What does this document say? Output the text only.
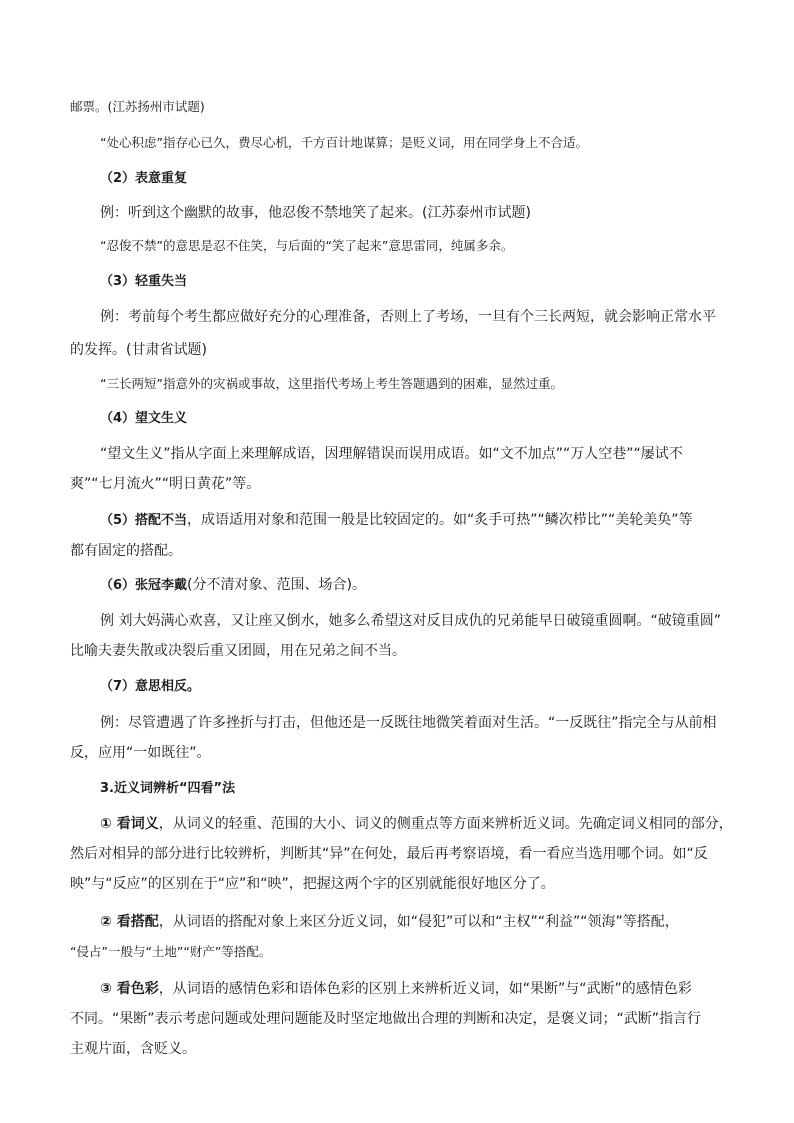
邮票。(江苏扬州市试题)

“处心积虑”指存心已久，费尽心机，千方百计地谋算；是贬义词，用在同学身上不合适。

（2）表意重复

例：听到这个幽默的故事，他忍俊不禁地笑了起来。(江苏泰州市试题)

“忍俊不禁”的意思是忍不住笑，与后面的“笑了起来”意思雷同，纯属多余。

（3）轻重失当

例：考前每个考生都应做好充分的心理准备，否则上了考场，一旦有个三长两短，就会影响正常水平

的发挥。(甘肃省试题)

“三长两短”指意外的灾祸或事故，这里指代考场上考生答题遇到的困难，显然过重。

（4）望文生义

“望文生义”指从字面上来理解成语，因理解错误而误用成语。如“文不加点”“万人空巷”“屡试不

爽”“七月流火”“明日黄花”等。

（5）搭配不当，成语适用对象和范围一般是比较固定的。如“炙手可热”“鳞次栉比”“美轮美奂”等

都有固定的搭配。

（6）张冠李戴(分不清对象、范围、场合)。

例 刘大妈满心欢喜，又让座又倒水，她多么希望这对反目成仇的兄弟能早日破镜重圆啊。“破镜重圆”

比喻夫妻失散或决裂后重又团圆，用在兄弟之间不当。

（7）意思相反。

例：尽管遭遇了许多挫折与打击，但他还是一反既往地微笑着面对生活。“一反既往”指完全与从前相

反，应用“一如既往”。

3.近义词辨析“四看”法

① 看词义，从词义的轻重、范围的大小、词义的侧重点等方面来辨析近义词。先确定词义相同的部分，

然后对相异的部分进行比较辨析，判断其“异”在何处，最后再考察语境，看一看应当选用哪个词。如“反

映”与“反应”的区别在于“应”和“映”，把握这两个字的区别就能很好地区分了。

② 看搭配，从词语的搭配对象上来区分近义词，如“侵犯”可以和“主权”“利益”“领海”等搭配，

“侵占”一般与“土地”“财产”等搭配。

③ 看色彩，从词语的感情色彩和语体色彩的区别上来辨析近义词，如“果断”与“武断”的感情色彩

不同。“果断”表示考虑问题或处理问题能及时坚定地做出合理的判断和决定，是褒义词；“武断”指言行

主观片面，含贬义。
